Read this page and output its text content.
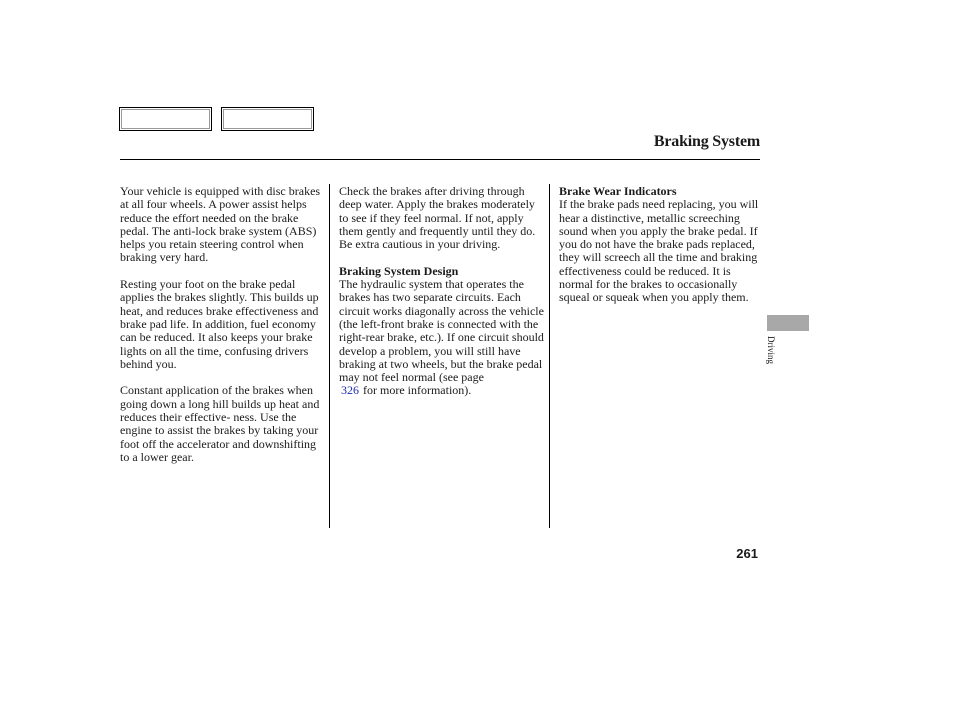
Braking System

Your vehicle is equipped with disc brakes at all four wheels. A power assist helps reduce the effort needed on the brake pedal. The anti-lock brake system (ABS) helps you retain steering control when braking very hard.

Resting your foot on the brake pedal applies the brakes slightly. This builds up heat, and reduces brake effectiveness and brake pad life. In addition, fuel economy can be reduced. It also keeps your brake lights on all the time, confusing drivers behind you.

Constant application of the brakes when going down a long hill builds up heat and reduces their effective- ness. Use the engine to assist the brakes by taking your foot off the accelerator and downshifting to a lower gear.

Check the brakes after driving through deep water. Apply the brakes moderately to see if they feel normal. If not, apply them gently and frequently until they do. Be extra cautious in your driving.

Braking System Design
The hydraulic system that operates the brakes has two separate circuits. Each circuit works diagonally across the vehicle (the left-front brake is connected with the right-rear brake, etc.). If one circuit should develop a problem, you will still have braking at two wheels, but the brake pedal may not feel normal (see page
326 for more information).

Brake Wear Indicators
If the brake pads need replacing, you will hear a distinctive, metallic screeching sound when you apply the brake pedal. If you do not have the brake pads replaced, they will screech all the time and braking effectiveness could be reduced. It is normal for the brakes to occasionally squeal or squeak when you apply them.

Driving
261
